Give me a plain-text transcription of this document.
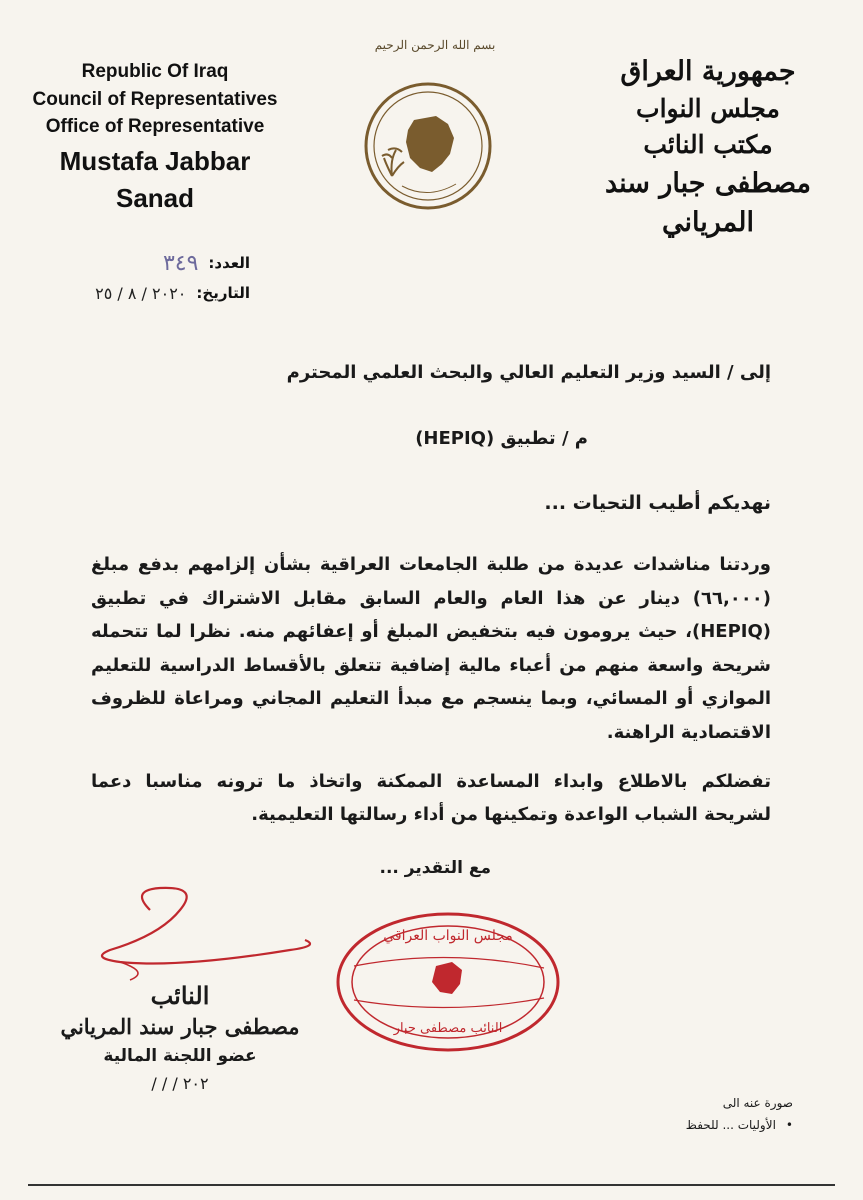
Republic Of Iraq
Council of Representatives
Office of Representative
Mustafa Jabbar Sanad
جمهورية العراق
مجلس النواب
مكتب النائب
مصطفى جبار سند المرياني
بسم الله الرحمن الرحيم
العدد:
٣٤٩
التاريخ:
٢٠٢٠ / ٨ / ٢٥
إلى / السيد وزير التعليم العالي والبحث العلمي المحترم
م / تطبيق (HEPIQ)
نهديكم أطيب التحيات ...
وردتنا مناشدات عديدة من طلبة الجامعات العراقية بشأن إلزامهم بدفع مبلغ (٦٦,٠٠٠) دينار عن هذا العام والعام السابق مقابل الاشتراك في تطبيق (HEPIQ)، حيث يرومون فيه بتخفيض المبلغ أو إعفائهم منه. نظرا لما تتحمله شريحة واسعة منهم من أعباء مالية إضافية تتعلق بالأقساط الدراسية للتعليم الموازي أو المسائي، وبما ينسجم مع مبدأ التعليم المجاني ومراعاة للظروف الاقتصادية الراهنة.
تفضلكم بالاطلاع وابداء المساعدة الممكنة واتخاذ ما ترونه مناسبا دعما لشريحة الشباب الواعدة وتمكينها من أداء رسالتها التعليمية.
مع التقدير ...
مجلس النواب العراقي
النائب مصطفى جبار
النائب
مصطفى جبار سند المرياني
عضو اللجنة المالية
٢٠٢ / / /
صورة عنه الى
• الأوليات ... للحفظ
